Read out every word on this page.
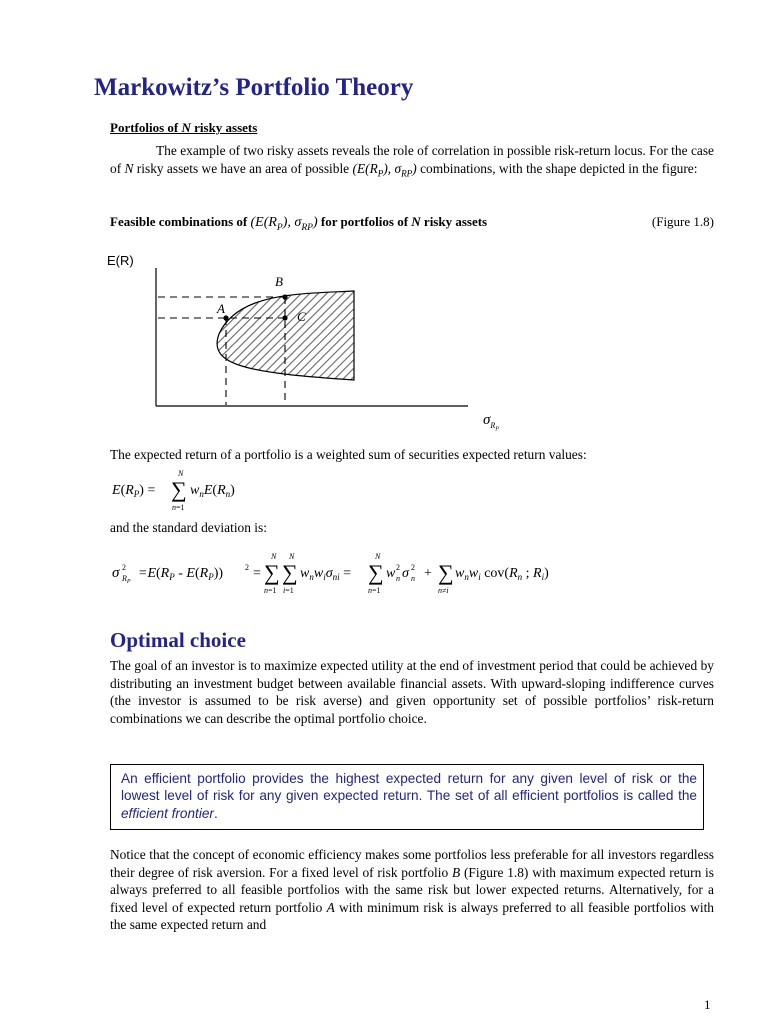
Markowitz’s Portfolio Theory
Portfolios of N risky assets
The example of two risky assets reveals the role of correlation in possible risk-return locus. For the case of N risky assets we have an area of possible ($E(R_P)$, $\sigma_{RP}$) combinations, with the shape depicted in the figure:
Feasible combinations of ($E(R_P)$, $\sigma_{RP}$) for portfolios of N risky assets	(Figure 1.8)
E(R)
B
A
C
$\sigma_{R_P}$
The expected return of a portfolio is a weighted sum of securities expected return values:
$E(R_P)$ =
N
∑
n=1
$w_nE(R_n)$
and the standard deviation is:
σ 2
$R_P$
$=E(R_P - E(R_P))$	2 =
N
∑
n=1
N
∑
i=1
$w_nw_i\sigma_{ni}$ =
N
∑
n=1
w 2
n σ 2
n + ∑
n≠i
$w_nw_i$ $cov(R_n$ ; $R_i$)
Optimal choice
The goal of an investor is to maximize expected utility at the end of investment period that could be achieved by distributing an investment budget between available financial assets. With upward-sloping indifference curves (the investor is assumed to be risk averse) and given opportunity set of possible portfolios’ risk-return combinations we can describe the optimal portfolio choice.
An efficient portfolio provides the highest expected return for any given level of risk or the lowest level of risk for any given expected return. The set of all efficient portfolios is called the efficient frontier.
Notice that the concept of economic efficiency makes some portfolios less preferable for all investors regardless their degree of risk aversion. For a fixed level of risk portfolio B (Figure 1.8) with maximum expected return is always preferred to all feasible portfolios with the same risk but lower expected returns. Alternatively, for a fixed level of expected return portfolio A with minimum risk is always preferred to all feasible portfolios with the same expected return and
1
